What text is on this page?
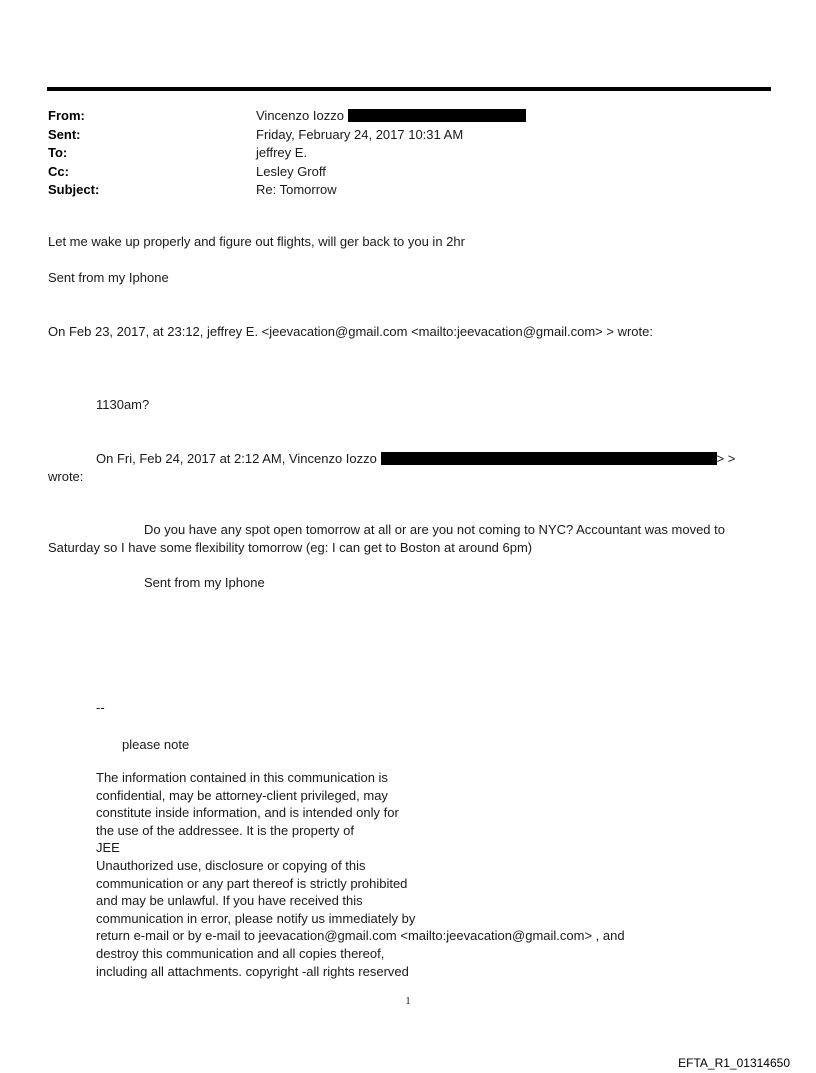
From:	Vincenzo Iozzo
Sent:	Friday, February 24, 2017 10:31 AM
To:	jeffrey E.
Cc:	Lesley Groff
Subject:	Re: Tomorrow
Let me wake up properly and figure out flights, will ger back to you in 2hr
Sent from my Iphone
On Feb 23, 2017, at 23:12, jeffrey E. <jeevacation@gmail.com <mailto:jeevacation@gmail.com> > wrote:
1130am?
On Fri, Feb 24, 2017 at 2:12 AM, Vincenzo Iozzo	> >
wrote:
Do you have any spot open tomorrow at all or are you not coming to NYC? Accountant was moved to
Saturday so I have some flexibility tomorrow (eg: I can get to Boston at around 6pm)
Sent from my Iphone
--
please note
The information contained in this communication is
confidential, may be attorney-client privileged, may
constitute inside information, and is intended only for
the use of the addressee. It is the property of
JEE
Unauthorized use, disclosure or copying of this
communication or any part thereof is strictly prohibited
and may be unlawful. If you have received this
communication in error, please notify us immediately by
return e-mail or by e-mail to jeevacation@gmail.com <mailto:jeevacation@gmail.com> , and
destroy this communication and all copies thereof,
including all attachments. copyright -all rights reserved
1
EFTA_R1_01314650
